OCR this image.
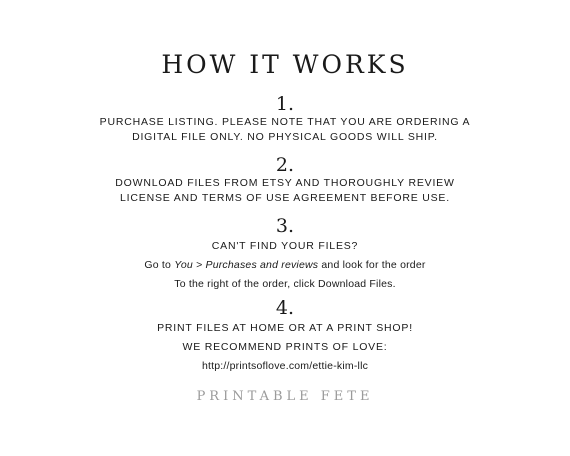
HOW IT WORKS
1.
PURCHASE LISTING. PLEASE NOTE THAT YOU ARE ORDERING A
DIGITAL FILE ONLY. NO PHYSICAL GOODS WILL SHIP.
2.
DOWNLOAD FILES FROM ETSY AND THOROUGHLY REVIEW
LICENSE AND TERMS OF USE AGREEMENT BEFORE USE.
3.
CAN'T FIND YOUR FILES?
Go to You > Purchases and reviews and look for the order
To the right of the order, click Download Files.
4.
PRINT FILES AT HOME OR AT A PRINT SHOP!
WE RECOMMEND PRINTS OF LOVE:
http://printsoflove.com/ettie-kim-llc
PRINTABLE FETE
